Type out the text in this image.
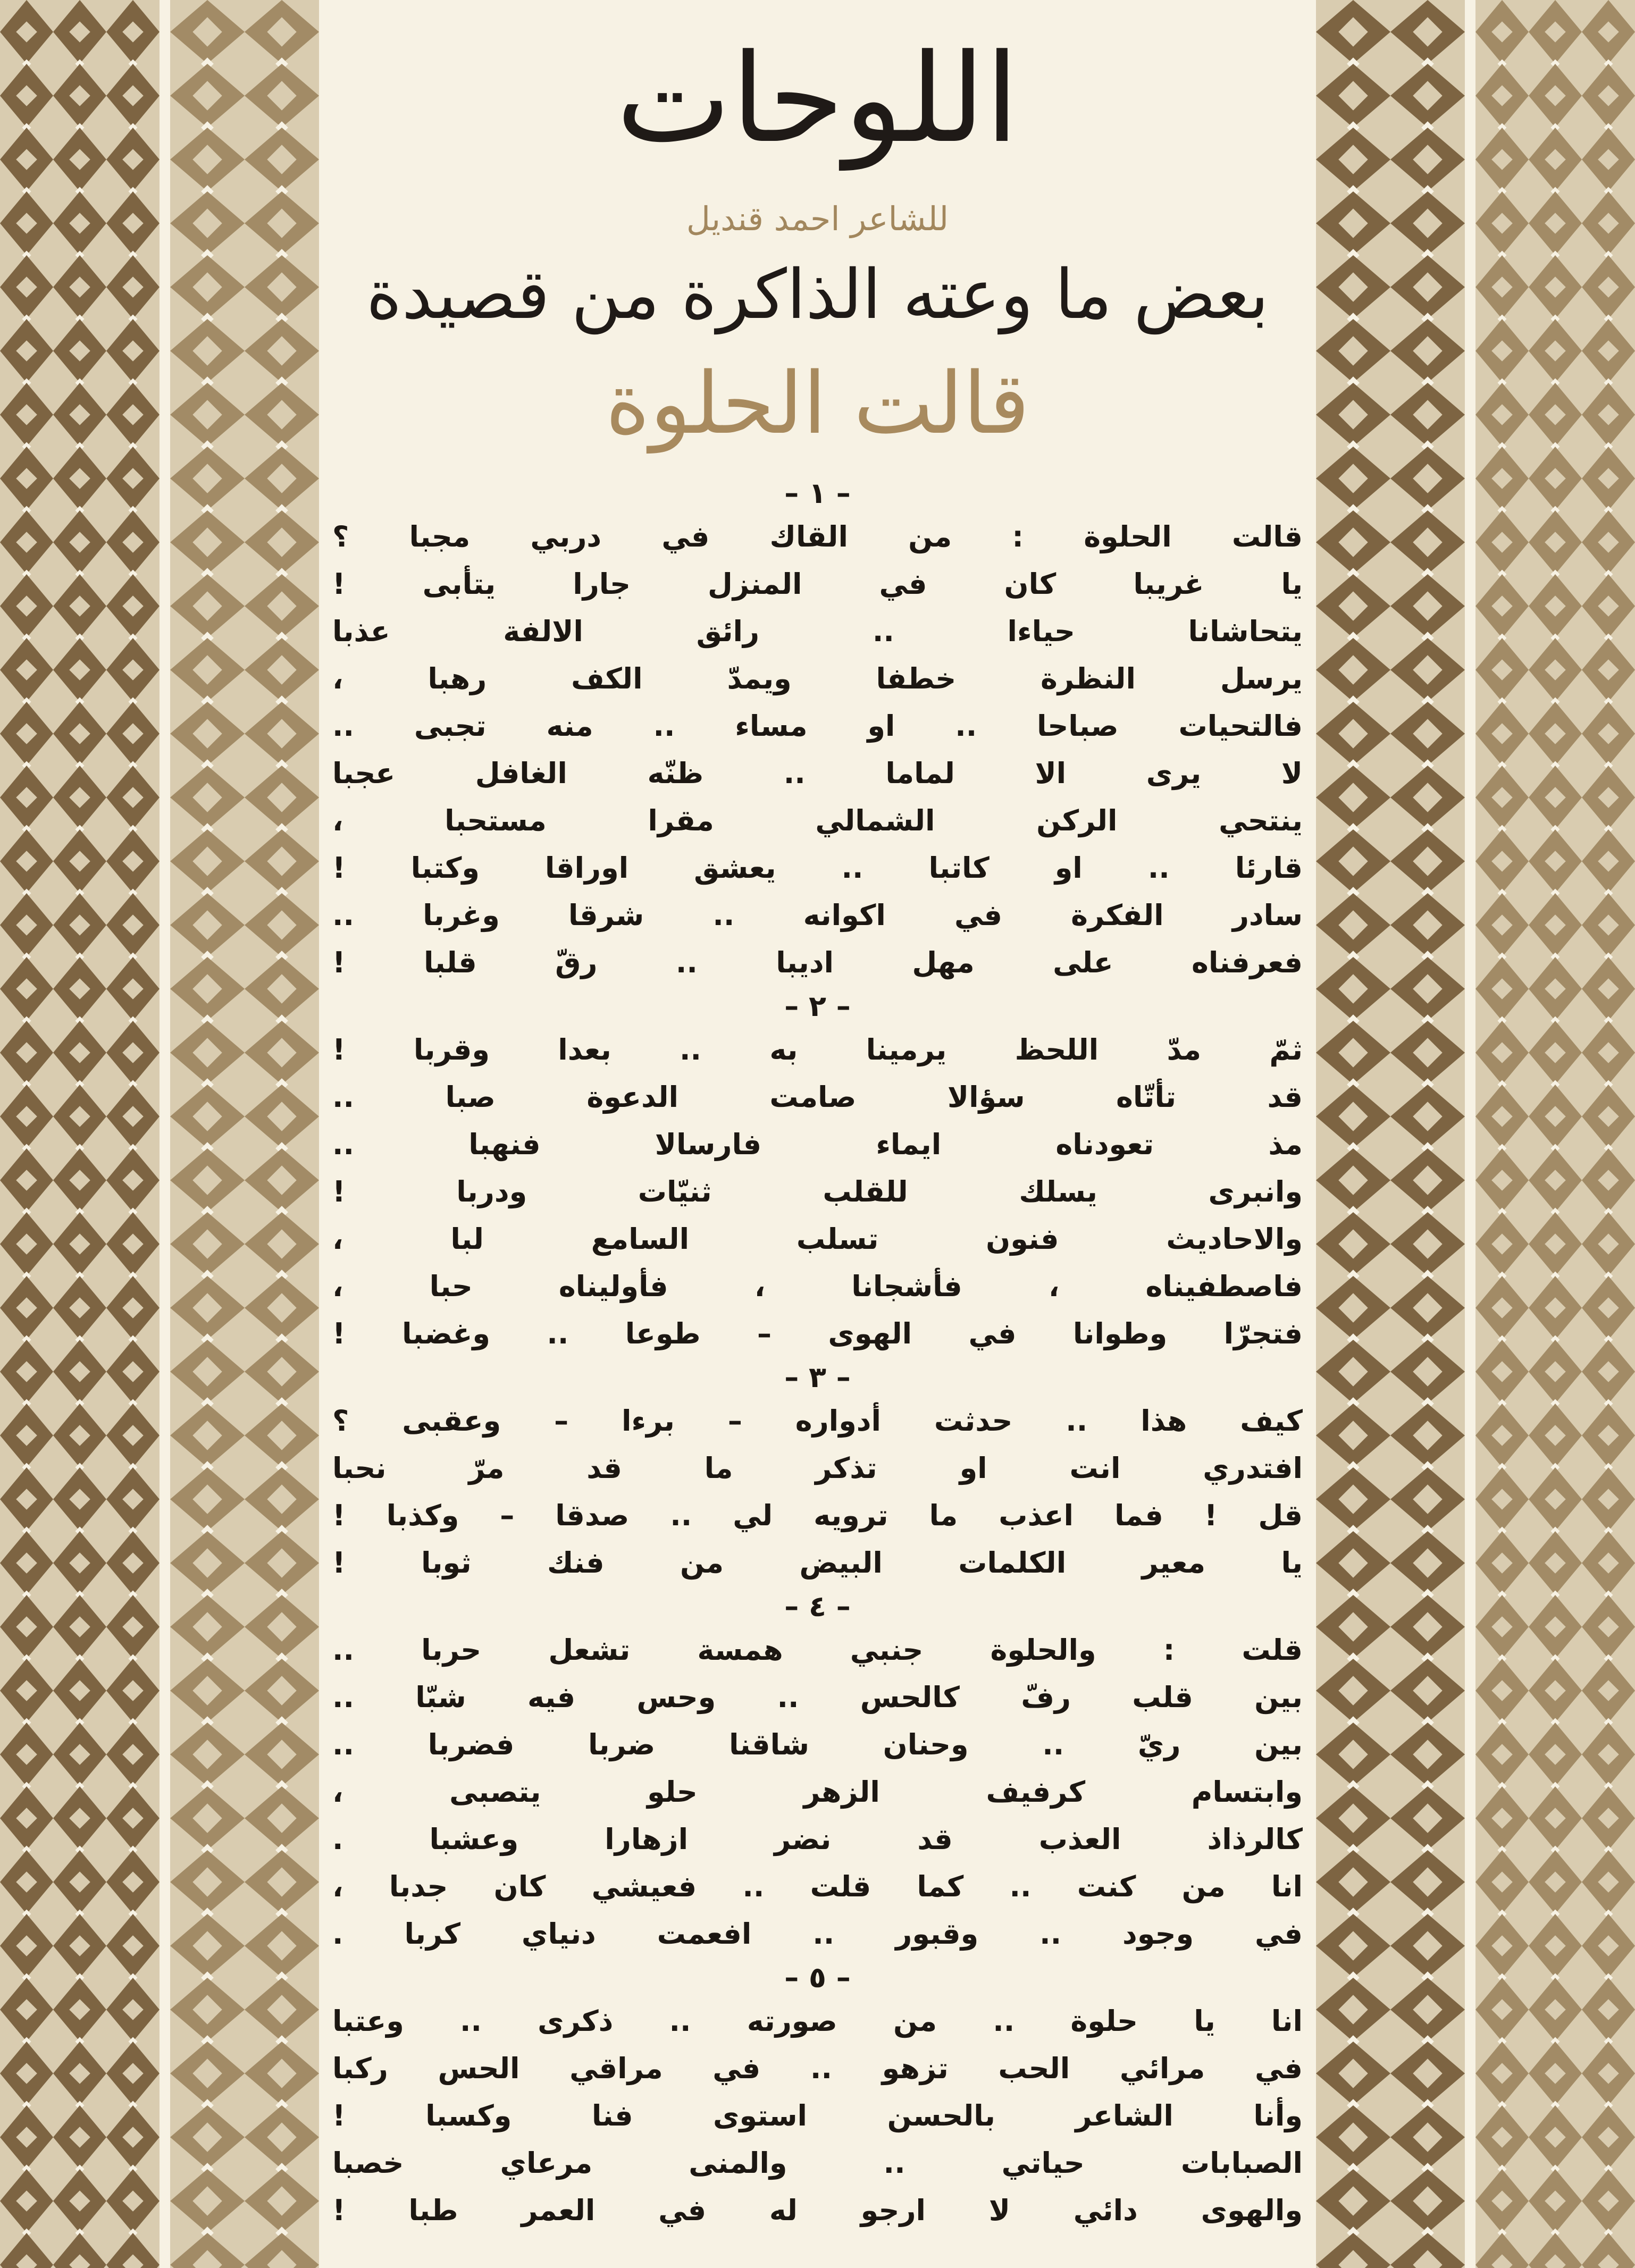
اللوحات
للشاعر احمد قنديل
بعض ما وعته الذاكرة من قصيدة
قالت الحلوة
– ١ –
قالت الحلوة : من القاك في دربي مجبا ؟
يا غريبا كان في المنزل جارا يتأبى !
يتحاشانا حياءا .. رائق الالفة عذبا
يرسل النظرة خطفا ويمدّ الكف رهبا ،
فالتحيات صباحا .. او مساء .. منه تجبى ..
لا يرى الا لماما .. ظنّه الغافل عجبا
ينتحي الركن الشمالي مقرا مستحبا ،
قارئا .. او كاتبا .. يعشق اوراقا وكتبا !
سادر الفكرة في اكوانه .. شرقا وغربا ..
فعرفناه على مهل اديبا .. رقّ قلبا !
– ٢ –
ثمّ مدّ اللحظ يرمينا به .. بعدا وقربا !
قد تأتّاه سؤالا صامت الدعوة صبا ..
مذ تعودناه ايماء فارسالا فنهبا ..
وانبرى يسلك للقلب ثنيّات ودربا !
والاحاديث فنون تسلب السامع لبا ،
فاصطفيناه ، فأشجانا ، فأوليناه حبا ،
فتجرّا وطوانا في الهوى – طوعا .. وغضبا !
– ٣ –
كيف هذا .. حدثت أدواره – برءا – وعقبى ؟
افتدري انت او تذكر ما قد مرّ نحبا
قل ! فما اعذب ما ترويه لي .. صدقا – وكذبا !
يا معير الكلمات البيض من فنك ثوبا !
– ٤ –
قلت : والحلوة جنبي همسة تشعل حربا ..
بين قلب رفّ كالحس .. وحس فيه شبّا ..
بين ريّ .. وحنان شاقنا ضربا فضربا ..
وابتسام كرفيف الزهر حلو يتصبى ،
كالرذاذ العذب قد نضر ازهارا وعشبا .
انا من كنت .. كما قلت .. فعيشي كان جدبا ،
في وجود .. وقبور .. افعمت دنياي كربا .
– ٥ –
انا يا حلوة .. من صورته .. ذكرى .. وعتبا
في مرائي الحب تزهو .. في مراقي الحس ركبا
وأنا الشاعر بالحسن استوى فنا وكسبا !
الصبابات حياتي .. والمنى مرعاي خصبا
والهوى دائي لا ارجو له في العمر طبا !
